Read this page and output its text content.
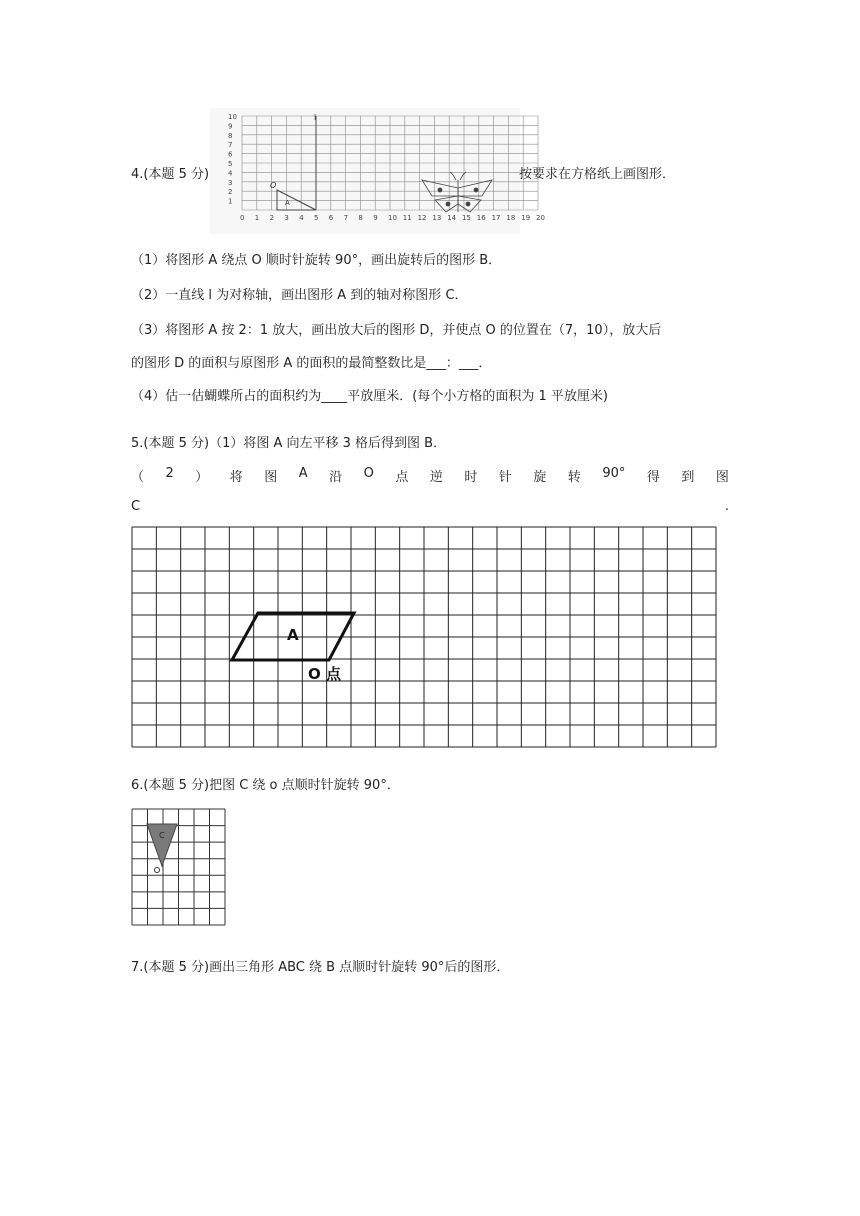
4.(本题 5 分)
0 1 2 3 4 5 6 7 8 9 10 11 12 13 14 15 16 17 18 19 20
1
2
3
4
5
6
7
8
9
10	l
O
A
按要求在方格纸上画图形．
（1）将图形 A 绕点 O 顺时针旋转 90°，画出旋转后的图形 B．
（2）一直线 l 为对称轴，画出图形 A 到的轴对称图形 C．
（3）将图形 A 按 2：1 放大，画出放大后的图形 D，并使点 O 的位置在（7，10），放大后
的图形 D 的面积与原图形 A 的面积的最简整数比是___：___．
（4）估一估蝴蝶所占的面积约为____平放厘米．(每个小方格的面积为 1 平放厘米)
5.(本题 5 分)（1）将图 A 向左平移 3 格后得到图 B．
（ 2 ） 将 图 A 沿 O 点 逆 时 针 旋 转 90° 得 到 图
C	.
A
O 点
6.(本题 5 分)把图 C 绕 o 点顺时针旋转 90°．
C
7.(本题 5 分)画出三角形 ABC 绕 B 点顺时针旋转 90°后的图形．
